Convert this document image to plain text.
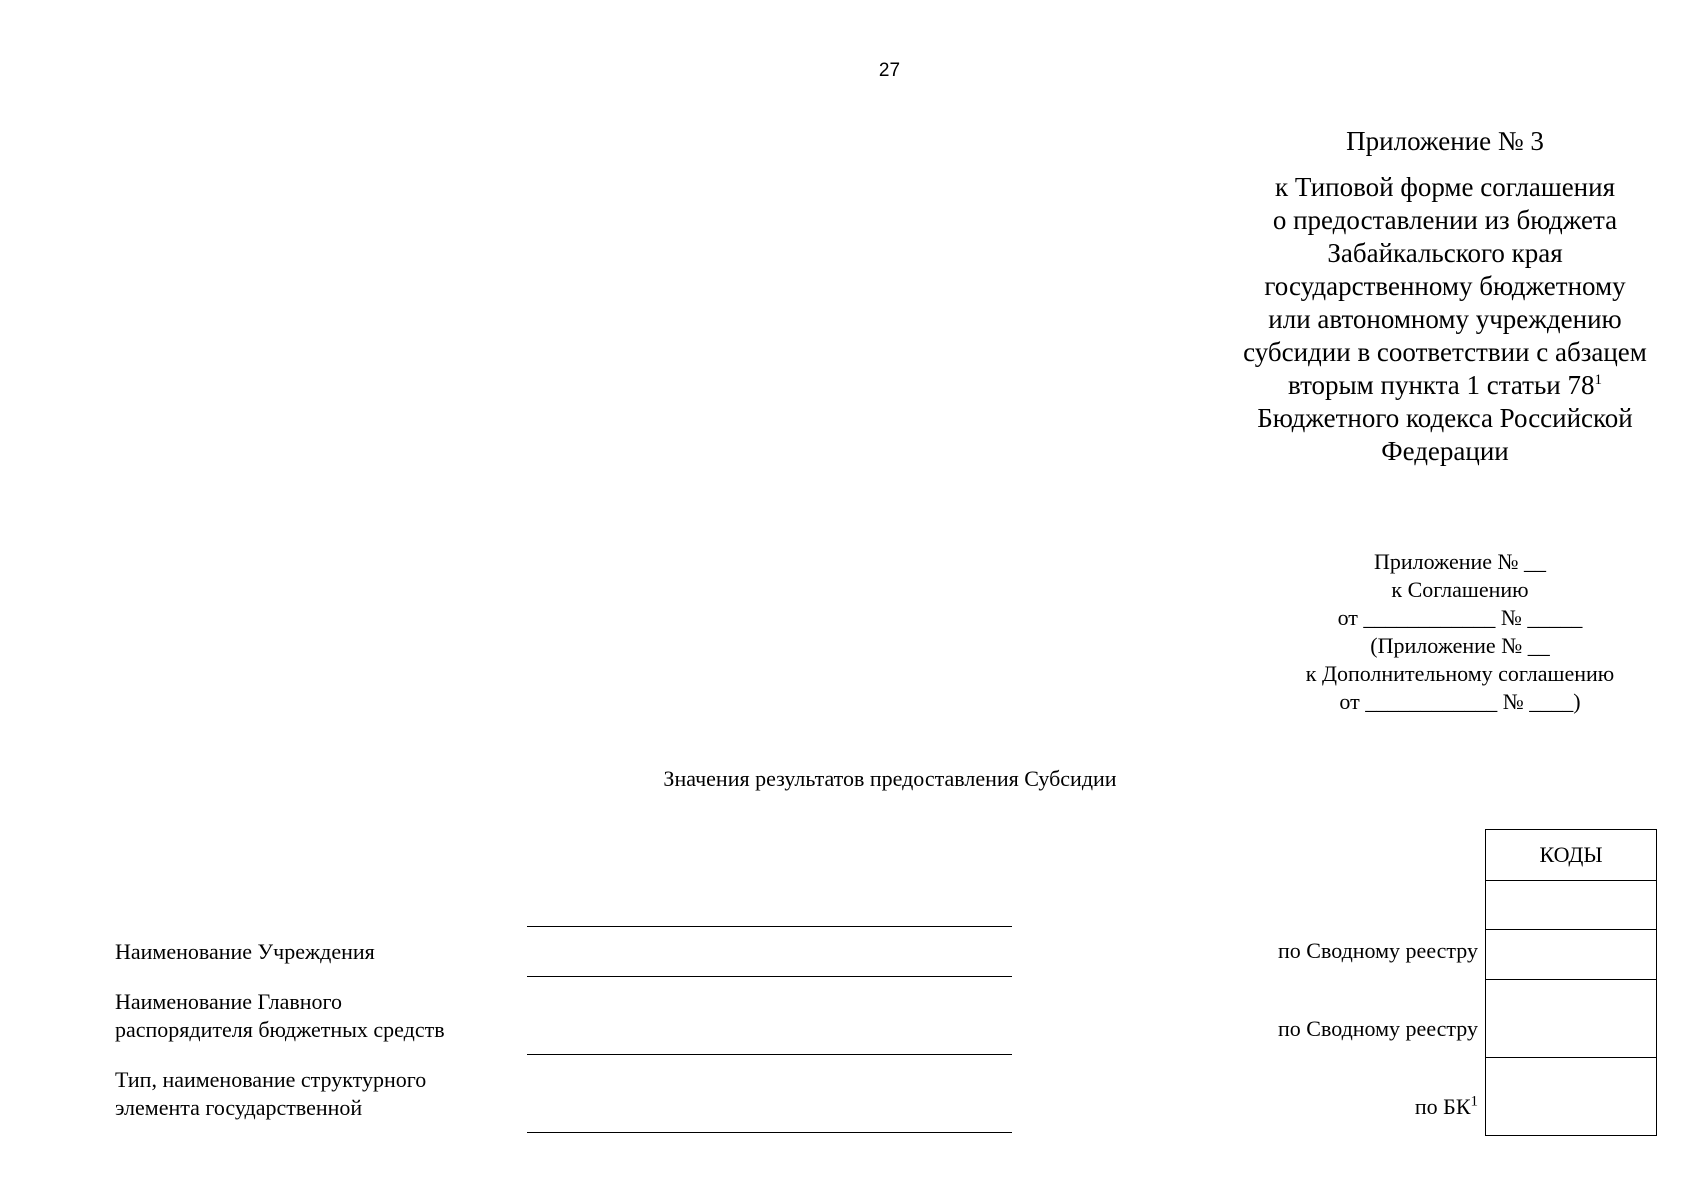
27
Приложение № 3
к Типовой форме соглашения
о предоставлении из бюджета
Забайкальского края
государственному бюджетному
или автономному учреждению
субсидии в соответствии с абзацем
вторым пункта 1 статьи $78^1$
Бюджетного кодекса Российской
Федерации
Приложение № __
к Соглашению
от ____________ № _____
(Приложение № __
к Дополнительному соглашению
от ____________ № ____)
Значения результатов предоставления Субсидии
КОДЫ
Наименование Учреждения	по Сводному реестру
Наименование Главного
распорядителя бюджетных средств	по Сводному реестру
Тип, наименование структурного
элемента государственной	по $БК^1$
